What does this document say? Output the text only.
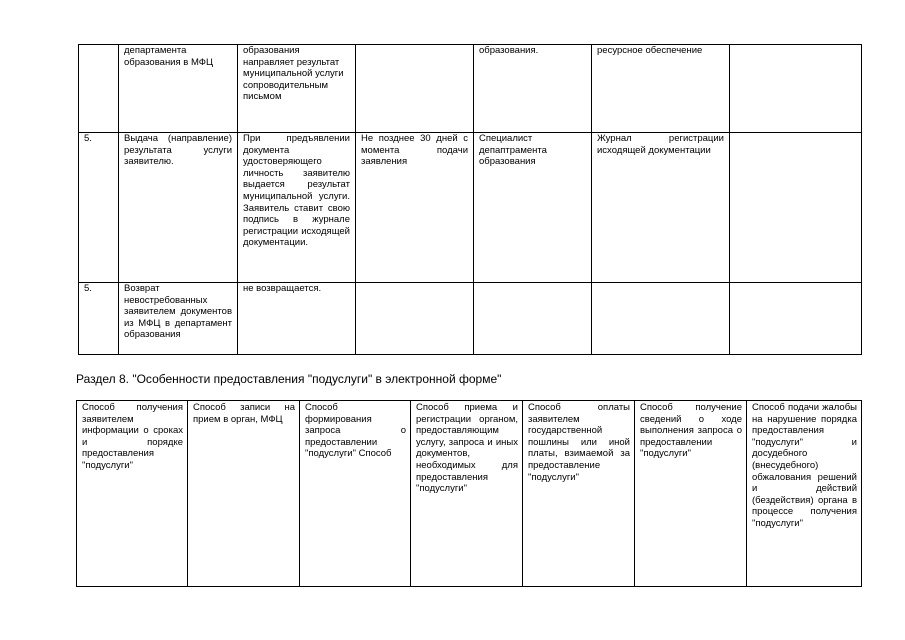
	департамента образования в МФЦ	образования направляет результат муниципальной услуги сопроводительным письмом		образования.	ресурсное обеспечение	
5.	Выдача (направление) результата услуги заявителю.	При предъявлении документа удостоверяющего личность заявителю выдается результат муниципальной услуги. Заявитель ставит свою подпись в журнале регистрации исходящей документации.	Не позднее 30 дней с момента подачи заявления	Специалист депаптрамента образования	Журнал регистрации исходящей документации	
5.	Возврат невостребованных заявителем документов из МФЦ в департамент образования	не возвращается.				
Раздел 8. "Особенности предоставления "подуслуги" в электронной форме"
Способ получения заявителем информации о сроках и порядке предоставления "подуслуги"	Способ записи на прием в орган, МФЦ	Способ формирования запроса о предоставлении "подуслуги" Способ	Способ приема и регистрации органом, предоставляющим услугу, запроса и иных документов, необходимых для предоставления "подуслуги"	Способ оплаты заявителем государственной пошлины или иной платы, взимаемой за предоставление "подуслуги"	Способ получение сведений о ходе выполнения запроса о предоставлении "подуслуги"	Способ подачи жалобы на нарушение порядка предоставления "подуслуги" и досудебного (внесудебного) обжалования решений и действий (бездействия) органа в процессе получения "подуслуги"
